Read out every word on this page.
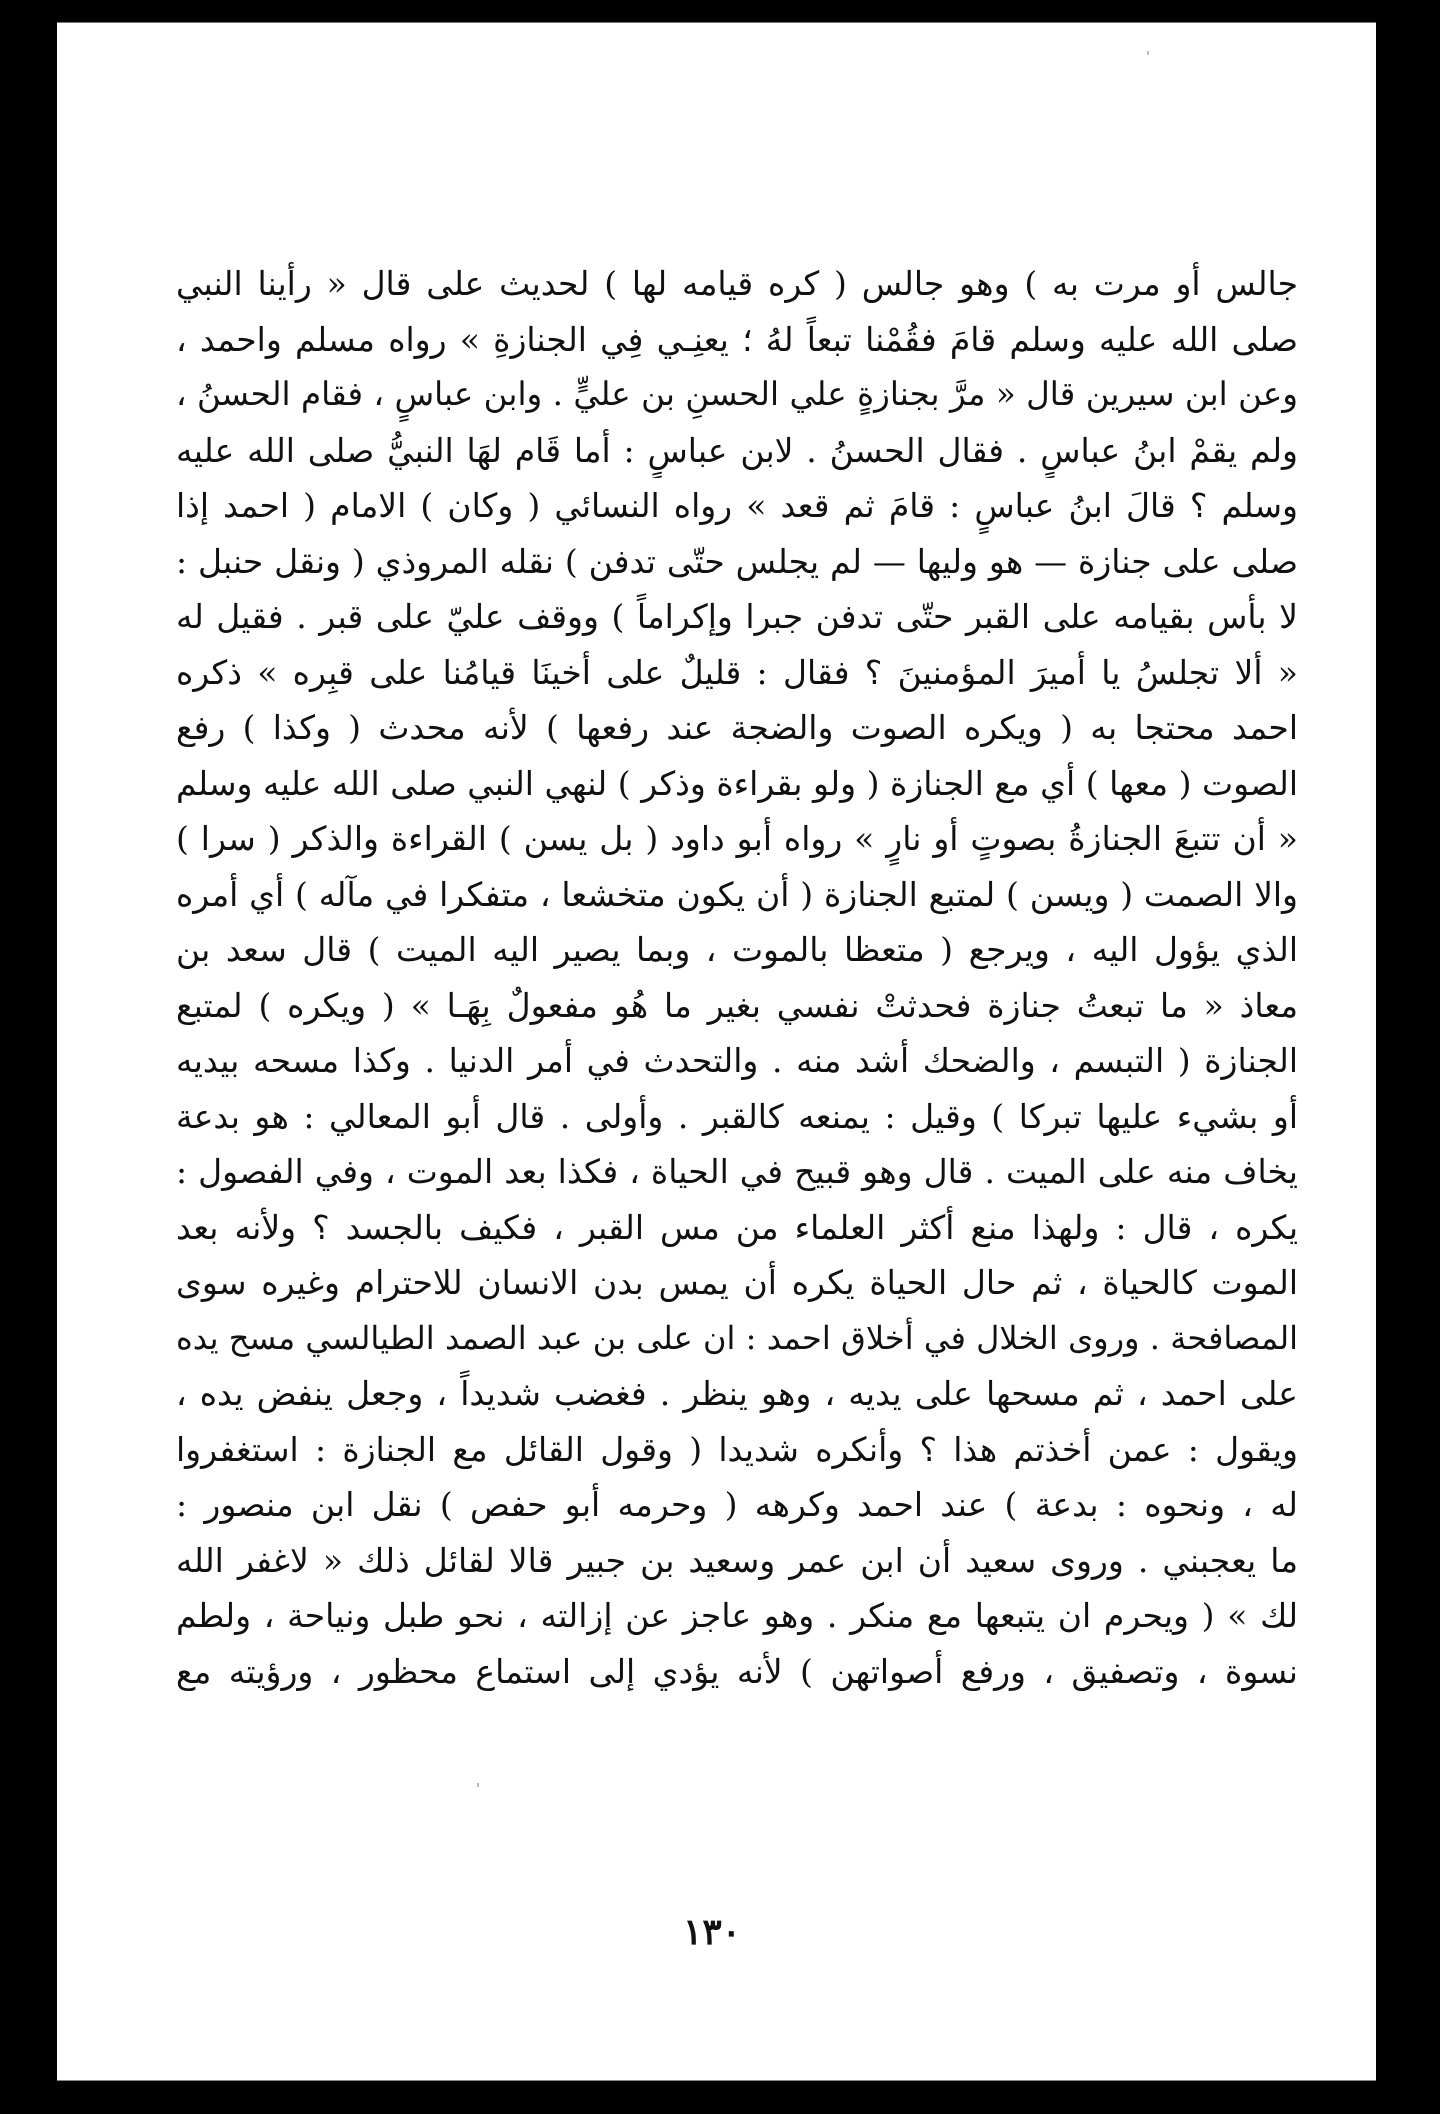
جالس أو مرت به ) وهو جالس ( كره قيامه لها ) لحديث على قال « رأينا النبي
صلى الله عليه وسلم قامَ فقُمْنا تبعاً لهُ ؛ يعنِـي فِي الجنازةِ » رواه مسلم واحمد ،
وعن ابن سيرين قال « مرَّ بجنازةٍ علي الحسنِ بن عليٍّ . وابن عباسٍ ، فقام الحسنُ ،
ولم يقمْ ابنُ عباسٍ . فقال الحسنُ . لابن عباسٍ : أما قَام لهَا النبيُّ صلى الله عليه
وسلم ؟ قالَ ابنُ عباسٍ : قامَ ثم قعد » رواه النسائي ( وكان ) الامام ( احمد إذا
صلى على جنازة — هو وليها — لم يجلس حتّى تدفن ) نقله المروذي ( ونقل حنبل :
لا بأس بقيامه على القبر حتّى تدفن جبرا وإكراماً ) ووقف عليّ على قبر . فقيل له
« ألا تجلسُ يا أميرَ المؤمنينَ ؟ فقال : قليلٌ على أخينَا قيامُنا على قبِره » ذكره
احمد محتجا به ( ويكره الصوت والضجة عند رفعها ) لأنه محدث ( وكذا ) رفع
الصوت ( معها ) أي مع الجنازة ( ولو بقراءة وذكر ) لنهي النبي صلى الله عليه وسلم
« أن تتبعَ الجنازةُ بصوتٍ أو نارٍ » رواه أبو داود ( بل يسن ) القراءة والذكر ( سرا )
والا الصمت ( ويسن ) لمتبع الجنازة ( أن يكون متخشعا ، متفكرا في مآله ) أي أمره
الذي يؤول اليه ، ويرجع ( متعظا بالموت ، وبما يصير اليه الميت ) قال سعد بن
معاذ « ما تبعتُ جنازة فحدثتْ نفسي بغير ما هُو مفعولٌ بِهَـا » ( ويكره ) لمتبع
الجنازة ( التبسم ، والضحك أشد منه . والتحدث في أمر الدنيا . وكذا مسحه بيديه
أو بشيء عليها تبركا ) وقيل : يمنعه كالقبر . وأولى . قال أبو المعالي : هو بدعة
يخاف منه على الميت . قال وهو قبيح في الحياة ، فكذا بعد الموت ، وفي الفصول :
يكره ، قال : ولهذا منع أكثر العلماء من مس القبر ، فكيف بالجسد ؟ ولأنه بعد
الموت كالحياة ، ثم حال الحياة يكره أن يمس بدن الانسان للاحترام وغيره سوى
المصافحة . وروى الخلال في أخلاق احمد : ان على بن عبد الصمد الطيالسي مسح يده
على احمد ، ثم مسحها على يديه ، وهو ينظر . فغضب شديداً ، وجعل ينفض يده ،
ويقول : عمن أخذتم هذا ؟ وأنكره شديدا ( وقول القائل مع الجنازة : استغفروا
له ، ونحوه : بدعة ) عند احمد وكرهه ( وحرمه أبو حفص ) نقل ابن منصور :
ما يعجبني . وروى سعيد أن ابن عمر وسعيد بن جبير قالا لقائل ذلك « لاغفر الله
لك » ( ويحرم ان يتبعها مع منكر . وهو عاجز عن إزالته ، نحو طبل ونياحة ، ولطم
نسوة ، وتصفيق ، ورفع أصواتهن ) لأنه يؤدي إلى استماع محظور ، ورؤيته مع
١٣٠
